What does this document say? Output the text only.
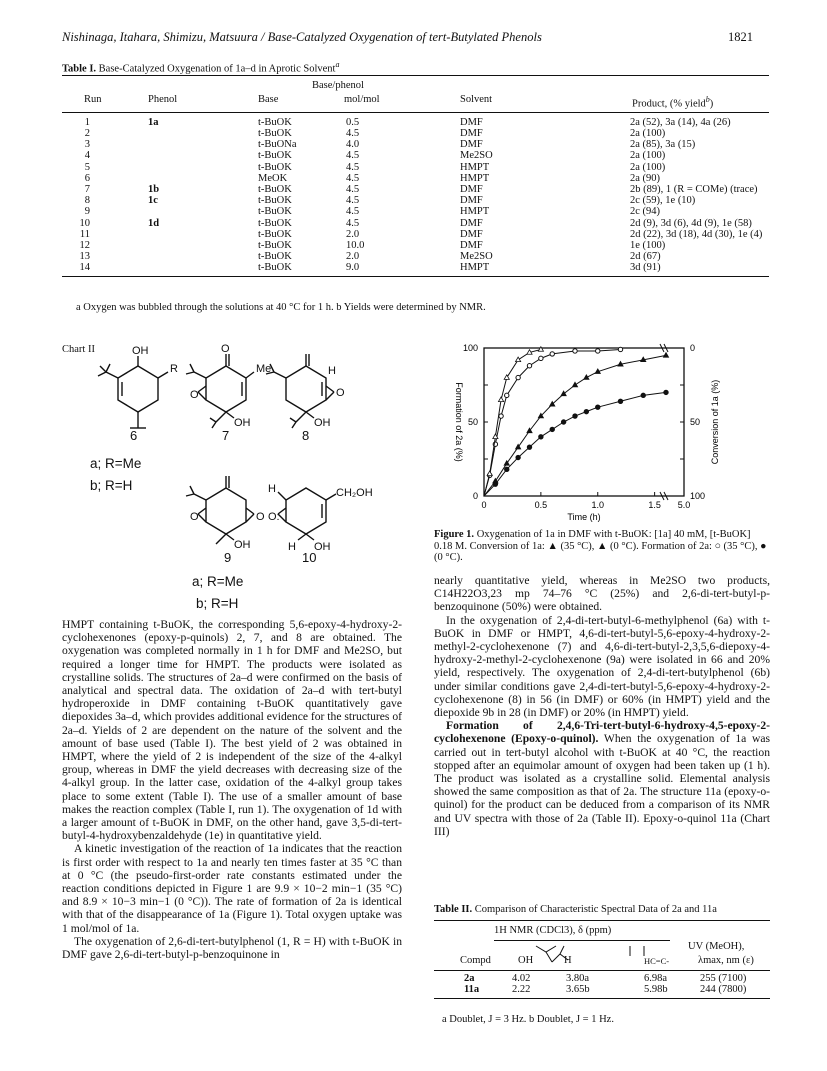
Nishinaga, Itahara, Shimizu, Matsuura / Base-Catalyzed Oxygenation of tert-Butylated Phenols	1821
Table I. Base-Catalyzed Oxygenation of 1a–d in Aprotic Solvent$^a$
Base/phenol
Run	Phenol	Base	mol/mol	Solvent	Product, (% yield$^b$)
1	1a	t-BuOK	0.5	DMF	2a (52), 3a (14), 4a (26)
2		t-BuOK	4.5	DMF	2a (100)
3		t-BuONa	4.0	DMF	2a (85), 3a (15)
4		t-BuOK	4.5	Me2SO	2a (100)
5		t-BuOK	4.5	HMPT	2a (100)
6		MeOK	4.5	HMPT	2a (90)
7	1b	t-BuOK	4.5	DMF	2b (89), 1 (R = COMe) (trace)
8	1c	t-BuOK	4.5	DMF	2c (59), 1e (10)
9		t-BuOK	4.5	HMPT	2c (94)
10	1d	t-BuOK	4.5	DMF	2d (9), 3d (6), 4d (9), 1e (58)
11		t-BuOK	2.0	DMF	2d (22), 3d (18), 4d (30), 1e (4)
12		t-BuOK	10.0	DMF	1e (100)
13		t-BuOK	2.0	Me2SO	2d (67)
14		t-BuOK	9.0	HMPT	3d (91)
a Oxygen was bubbled through the solutions at 40 °C for 1 h. b Yields were determined by NMR.
Chart II	OH
R
O
Me
OH
O
H
O
OH
O	O
OH
H
O:
CH₂OH
H OH
6	7	8
a; R=Me
b; R=H
9	10
a; R=Me
b; R=H
0	0.5	1.0	1.5 5.0
0
50
100
100
50
0
Time (h)
Formation of 2a (%)	Conversion of 1a (%)
Figure 1. Oxygenation of 1a in DMF with t-BuOK: [1a] 40 mM, [t-BuOK] 0.18 M. Conversion of 1a: ▲ (35 °C), ▲ (0 °C). Formation of 2a: ○ (35 °C), ● (0 °C).

HMPT containing t-BuOK, the corresponding 5,6-epoxy-4-hydroxy-2-cyclohexenones (epoxy-p-quinols) 2, 7, and 8 are obtained. The oxygenation was completed normally in 1 h for DMF and Me2SO, but required a longer time for HMPT. The products were isolated as crystalline solids. The structures of 2a–d were confirmed on the basis of analytical and spectral data. The oxidation of 2a–d with tert-butyl hydroperoxide in DMF containing t-BuOK quantitatively gave diepoxides 3a–d, which provides additional evidence for the structures of 2a–d. Yields of 2 are dependent on the nature of the solvent and the amount of base used (Table I). The best yield of 2 was obtained in HMPT, where the yield of 2 is independent of the size of the 4-alkyl group, whereas in DMF the yield decreases with decreasing size of the 4-alkyl group. In the latter case, oxidation of the 4-alkyl group takes place to some extent (Table I). The use of a smaller amount of base makes the reaction complex (Table I, run 1). The oxygenation of 1d with a larger amount of t-BuOK in DMF, on the other hand, gave 3,5-di-tert-butyl-4-hydroxybenzaldehyde (1e) in quantitative yield.

A kinetic investigation of the reaction of 1a indicates that the reaction is first order with respect to 1a and nearly ten times faster at 35 °C than at 0 °C (the pseudo-first-order rate constants estimated under the reaction conditions depicted in Figure 1 are 9.9 × 10−2 min−1 (35 °C) and 8.9 × 10−3 min−1 (0 °C)). The rate of formation of 2a is identical with that of the disappearance of 1a (Figure 1). Total oxygen uptake was 1 mol/mol of 1a.

The oxygenation of 2,6-di-tert-butylphenol (1, R = H) with t-BuOK in DMF gave 2,6-di-tert-butyl-p-benzoquinone in

nearly quantitative yield, whereas in Me2SO two products, C14H22O3,23 mp 74–76 °C (25%) and 2,6-di-tert-butyl-p-benzoquinone (50%) were obtained.

In the oxygenation of 2,4-di-tert-butyl-6-methylphenol (6a) with t-BuOK in DMF or HMPT, 4,6-di-tert-butyl-5,6-epoxy-4-hydroxy-2-methyl-2-cyclohexenone (7) and 4,6-di-tert-butyl-2,3,5,6-diepoxy-4-hydroxy-2-methyl-2-cyclohexenone (9a) were isolated in 66 and 20% yield, respectively. The oxygenation of 2,4-di-tert-butylphenol (6b) under similar conditions gave 2,4-di-tert-butyl-5,6-epoxy-4-hydroxy-2-cyclohexenone (8) in 56 (in DMF) or 60% (in HMPT) yield and the diepoxide 9b in 28 (in DMF) or 20% (in HMPT) yield.

Formation of 2,4,6-Tri-tert-butyl-6-hydroxy-4,5-epoxy-2-cyclohexenone (Epoxy-o-quinol). When the oxygenation of 1a was carried out in tert-butyl alcohol with t-BuOK at 40 °C, the reaction stopped after an equimolar amount of oxygen had been taken up (1 h). The product was isolated as a crystalline solid. Elemental analysis showed the same composition as that of 2a. The structure 11a (epoxy-o-quinol) for the product can be deduced from a comparison of its NMR and UV spectra with those of 2a (Table II). Epoxy-o-quinol 11a (Chart III)

Table II. Comparison of Characteristic Spectral Data of 2a and 11a
1H NMR (CDCl3), δ (ppm)
UV (MeOH),
Compd	OH	H	HC=C-	λmax, nm (ε)
2a	4.02	3.80a	6.98a	255 (7100)
11a	2.22	3.65b	5.98b	244 (7800)
a Doublet, J = 3 Hz. b Doublet, J = 1 Hz.
